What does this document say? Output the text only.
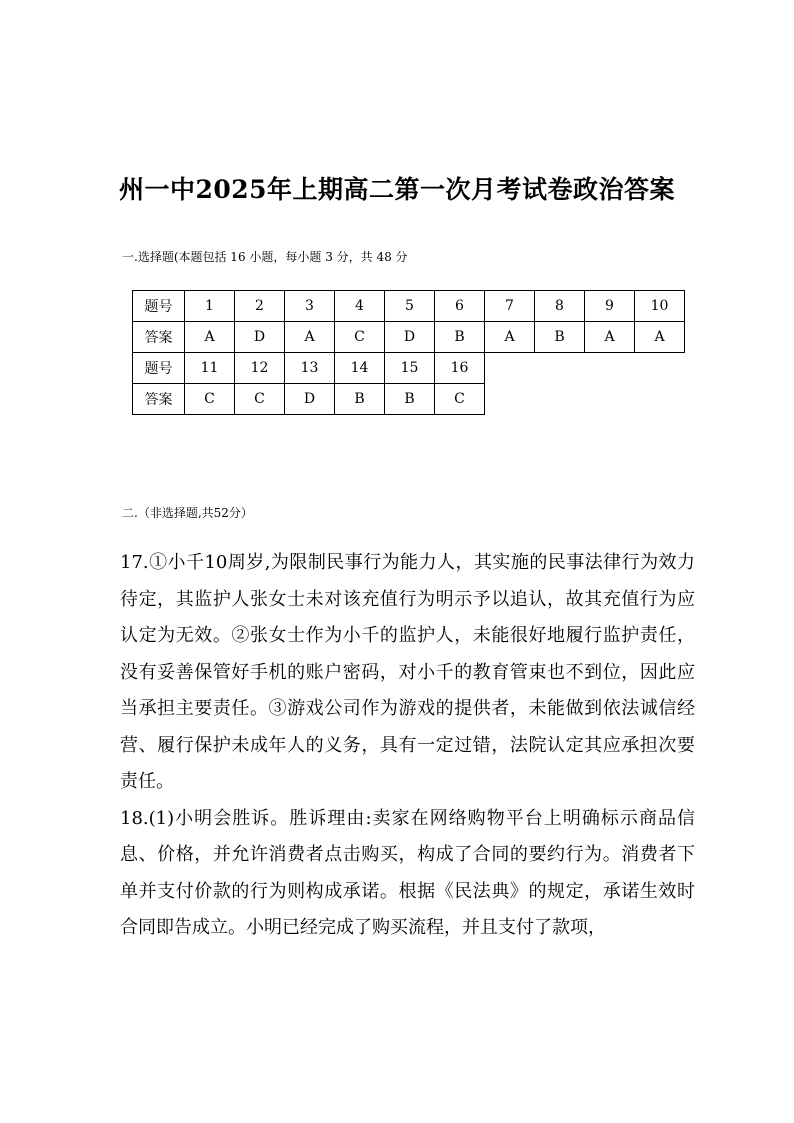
州一中2025年上期高二第一次月考试卷政治答案
一.选择题(本题包括 16 小题，每小题 3 分，共 48 分
题号	1	2	3	4	5	6	7	8	9	10
答案	A	D	A	C	D	B	A	B	A	A
题号	11	12	13	14	15	16				
答案	C	C	D	B	B	C				
二.（非选择题,共52分）

17.①小千10周岁,为限制民事行为能力人，其实施的民事法律行为效力待定，其监护人张女士未对该充值行为明示予以追认，故其充值行为应认定为无效。②张女士作为小千的监护人，未能很好地履行监护责任，没有妥善保管好手机的账户密码，对小千的教育管束也不到位，因此应当承担主要责任。③游戏公司作为游戏的提供者，未能做到依法诚信经营、履行保护未成年人的义务，具有一定过错，法院认定其应承担次要责任。

18.(1)小明会胜诉。胜诉理由:卖家在网络购物平台上明确标示商品信息、价格，并允许消费者点击购买，构成了合同的要约行为。消费者下单并支付价款的行为则构成承诺。根据《民法典》的规定，承诺生效时合同即告成立。小明已经完成了购买流程，并且支付了款项，
